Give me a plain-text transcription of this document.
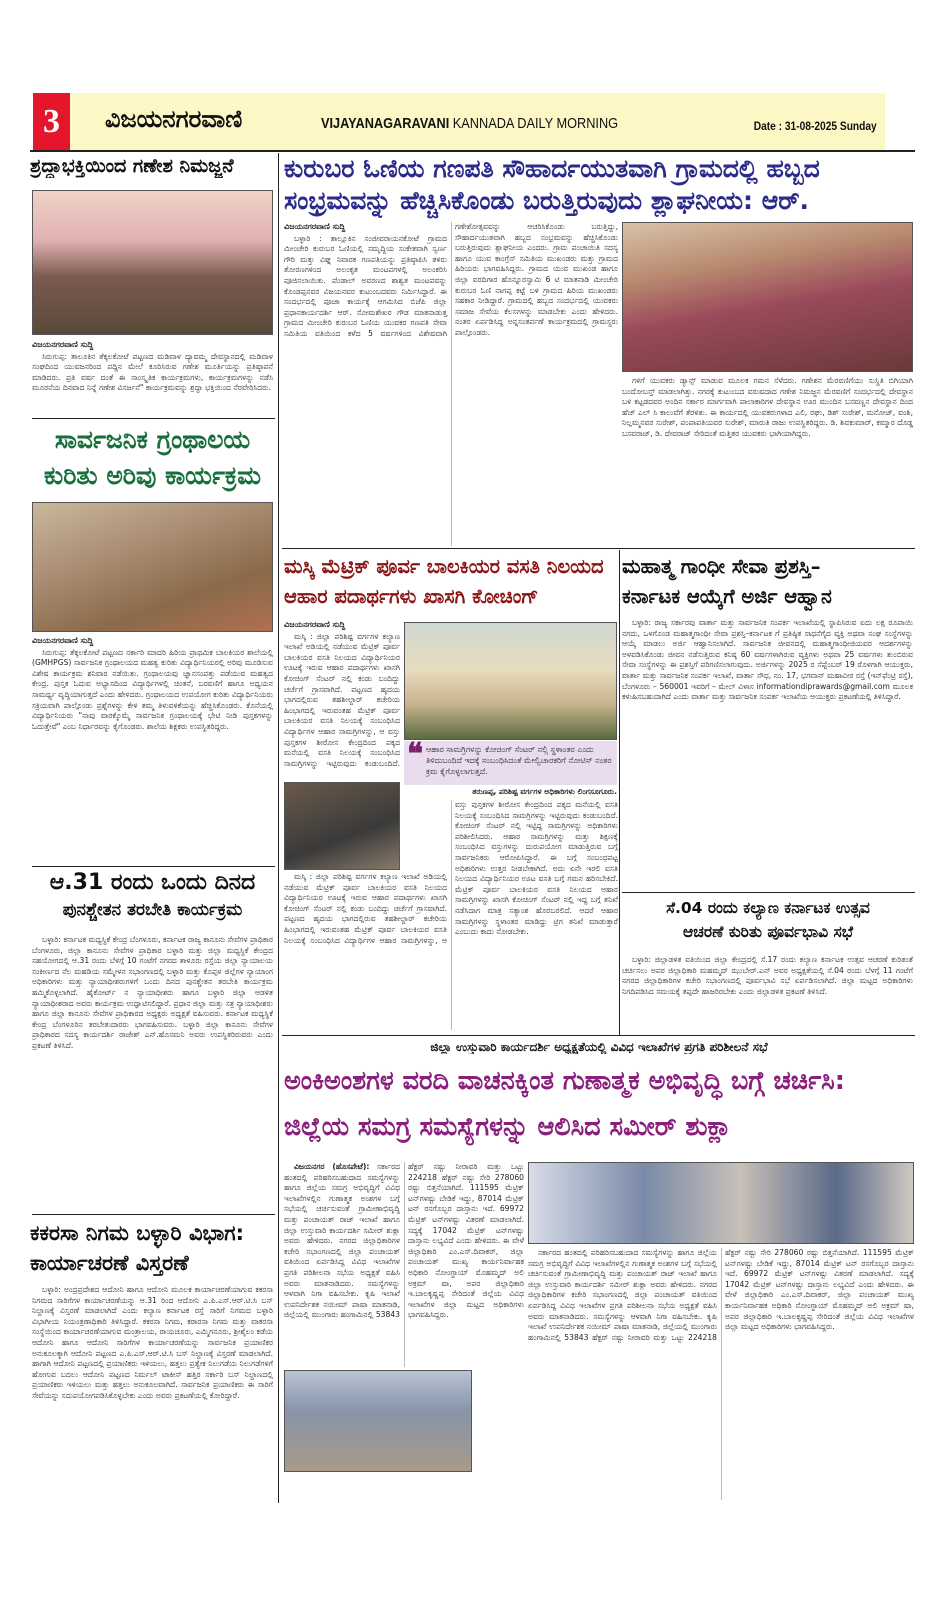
3	ವಿಜಯನಗರವಾಣಿ	VIJAYANAGARAVANI KANNADA DAILY MORNING	Date : 31-08-2025 Sunday
ಶ್ರದ್ಧಾಭಕ್ತಿಯಿಂದ ಗಣೇಶ ನಿಮಜ್ಜನೆ
ವಿಜಯನಗರವಾಣಿ ಸುದ್ದಿ

ಸಿರುಗುಪ್ಪ: ತಾಲೂಕಿನ ತೆಕ್ಕಲಕೋಟೆ ಪಟ್ಟಣದ ಮಡಿವಾಳ ದ್ಯಾವಮ್ಮ ದೇವಸ್ಥಾನದಲ್ಲಿ ಮಡಿವಾಳ ಸಂಘದಿಂದ ಯುವಜನರಿಂದ ಪದ್ದಿನ ಮೇಲೆ ಕೂರಿಸಿರುವ ಗಣೇಶ ಮೂರ್ತಿಯನ್ನು ಪ್ರತಿಷ್ಠಾಪನೆ ಮಾಡಿದರು. ಪ್ರತಿ ವರ್ಷ ದಂತೆ ಈ ಸಾಂಸ್ಕೃತಿಕ ಕಾರ್ಯಕ್ರಮಗಳು, ಕಾರ್ಯಕ್ರಮಗಳನ್ನು ನಡೆಸಿ ಮೂರನೆಯ ದಿನವಾದ ನಿನ್ನೆ ಗಣೇಶ ವಿಸರ್ಜನೆ" ಕಾರ್ಯಕ್ರಮವನ್ನು ಶ್ರದ್ಧಾ ಭಕ್ತಿಯಿಂದ ನೆರವೇರಿಸಿದರು.

ಸಾರ್ವಜನಿಕ ಗ್ರಂಥಾಲಯ
ಕುರಿತು ಅರಿವು ಕಾರ್ಯಕ್ರಮ
ವಿಜಯನಗರವಾಣಿ ಸುದ್ದಿ

ಸಿರುಗುಪ್ಪ: ತೆಕ್ಕಲಕೋಟೆ ಪಟ್ಟಣದ ಸರ್ಕಾರಿ ಮಾದರಿ ಹಿರಿಯ ಪ್ರಾಥಮಿಕ ಬಾಲಕಿಯರ ಶಾಲೆಯಲ್ಲಿ (GMHPGS) ಸಾರ್ವಜನಿಕ ಗ್ರಂಥಾಲಯದ ಮಹತ್ವ ಕುರಿತು ವಿದ್ಯಾರ್ಥಿನಿಯರಲ್ಲಿ ಅರಿವು ಮೂಡಿಸುವ ವಿಶೇಷ ಕಾರ್ಯಕ್ರಮ ಶನಿವಾರ ನಡೆಯಿತು. ಗ್ರಂಥಾಲಯವು ಜ್ಞಾನಸಂಪತ್ತು ಪಡೆಯುವ ಮಹತ್ವದ ಕೇಂದ್ರ. ಪುಸ್ತಕ ಓದುವ ಅಭ್ಯಾಸದಿಂದ ವಿದ್ಯಾರ್ಥಿಗಳಲ್ಲಿ ಚಿಂತನೆ, ಬರವಣಿಗೆ ಹಾಗೂ ಅಧ್ಯಯನ ಸಾಮರ್ಥ್ಯ ವೃದ್ಧಿಯಾಗುತ್ತದೆ ಎಂದು ಹೇಳಿದರು. ಗ್ರಂಥಾಲಯದ ಉಪಯೋಗ ಕುರಿತು ವಿದ್ಯಾರ್ಥಿನಿಯರು ಸಕ್ರಿಯವಾಗಿ ಪಾಲ್ಗೊಂಡು ಪ್ರಶ್ನೆಗಳನ್ನು ಕೇಳಿ ತಮ್ಮ ತಿಳುವಳಿಕೆಯನ್ನು ಹೆಚ್ಚಿಸಿಕೊಂಡರು. ಕೊನೆಯಲ್ಲಿ ವಿದ್ಯಾರ್ಥಿನಿಯರು "ನಾವು ವಾರಕ್ಕೊಮ್ಮೆ ಸಾರ್ವಜನಿಕ ಗ್ರಂಥಾಲಯಕ್ಕೆ ಭೇಟಿ ನೀಡಿ ಪುಸ್ತಕಗಳನ್ನು ಓದುತ್ತೇವೆ" ಎಂಬ ನಿರ್ಧಾರವನ್ನು ಕೈಗೊಂಡರು. ಶಾಲೆಯ ಶಿಕ್ಷಕರು ಉಪಸ್ಥಿತರಿದ್ದರು.

ಆ.31 ರಂದು ಒಂದು ದಿನದ
ಪುನಶ್ಚೇತನ ತರಬೇತಿ ಕಾರ್ಯಕ್ರಮ

ಬಳ್ಳಾರಿ: ಕರ್ನಾಟಕ ಮಧ್ಯಸ್ಥಿಕೆ ಕೇಂದ್ರ ಬೆಂಗಳೂರು, ಕರ್ನಾಟಕ ರಾಜ್ಯ ಕಾನೂನು ಸೇವೆಗಳ ಪ್ರಾಧಿಕಾರ ಬೆಂಗಳೂರು, ಜಿಲ್ಲಾ ಕಾನೂನು ಸೇವೆಗಳ ಪ್ರಾಧಿಕಾರ ಬಳ್ಳಾರಿ ಮತ್ತು ಜಿಲ್ಲಾ ಮಧ್ಯಸ್ಥಿಕೆ ಕೇಂದ್ರದ ಸಹಯೋಗದಲ್ಲಿ ಆ.31 ರಂದು ಬೆಳಿಗ್ಗೆ 10 ಗಂಟೆಗೆ ನಗರದ ತಾಳೂರು ರಸ್ತೆಯ ಜಿಲ್ಲಾ ನ್ಯಾಯಾಲಯ ಸಂಕೀರ್ಣದ ನೆಲ ಮಹಡಿಯ ಸಮ್ಮೇಳನ ಸಭಾಂಗಣದಲ್ಲಿ ಬಳ್ಳಾರಿ ಮತ್ತು ಕೊಪ್ಪಳ ಜಿಲ್ಲೆಗಳ ನ್ಯಾಯಾಂಗ ಅಧಿಕಾರಿಗಳು ಮತ್ತು ನ್ಯಾಯಾಧೀಶರುಗಳಿಗೆ ಒಂದು ದಿನದ ಪುನಶ್ಚೇತನ ತರಬೇತಿ ಕಾರ್ಯಕ್ರಮ ಹಮ್ಮಿಕೊಳ್ಳಲಾಗಿದೆ. ಹೈಕೋರ್ಟ್ ನ ನ್ಯಾಯಾಧೀಶರು ಹಾಗೂ ಬಳ್ಳಾರಿ ಜಿಲ್ಲಾ ಆಡಳಿತ ನ್ಯಾಯಾಧೀಶರಾದ ಅವರು ಕಾರ್ಯಕ್ರಮ ಉದ್ಘಾಟಿಸಲಿದ್ದಾರೆ. ಪ್ರಧಾನ ಜಿಲ್ಲಾ ಮತ್ತು ಸತ್ರ ನ್ಯಾಯಾಧೀಶರು ಹಾಗೂ ಜಿಲ್ಲಾ ಕಾನೂನು ಸೇವೆಗಳ ಪ್ರಾಧಿಕಾರದ ಅಧ್ಯಕ್ಷರು ಅಧ್ಯಕ್ಷತೆ ವಹಿಸುವರು. ಕರ್ನಾಟಕ ಮಧ್ಯಸ್ಥಿಕೆ ಕೇಂದ್ರ ಬೆಂಗಳೂರಿನ ತರಬೇತುದಾರರು ಭಾಗವಹಿಸುವರು. ಬಳ್ಳಾರಿ ಜಿಲ್ಲಾ ಕಾನೂನು ಸೇವೆಗಳ ಪ್ರಾಧಿಕಾರದ ಸದಸ್ಯ ಕಾರ್ಯದರ್ಶಿ ರಾಜೇಶ್ ಎನ್.ಹೊಸಮನಿ ಅವರು ಉಪಸ್ಥಿತರಿರುವರು ಎಂದು ಪ್ರಕಟಣೆ ತಿಳಿಸಿದೆ.

ಕಕರಸಾ ನಿಗಮ ಬಳ್ಳಾರಿ ವಿಭಾಗ:
ಕಾರ್ಯಾಚರಣೆ ವಿಸ್ತರಣೆ

ಬಳ್ಳಾರಿ: ಅಂದ್ರಪ್ರದೇಶದ ಆದೋನಿ ಹಾಗೂ ಆದೋನಿ ಮೂಲಕ ಕಾರ್ಯಾಚರಣೆಯಾಗುವ ಕಕರಸಾ ನಿಗಮದ ಸಾರಿಗೆಗಳ ಕಾರ್ಯಾಚರಣೆಯನ್ನು ಆ.31 ರಿಂದ ಆದೋನಿ ಎ.ಪಿ.ಎಸ್.ಆರ್.ಟಿ.ಸಿ ಬಸ್ ನಿಲ್ದಾಣಕ್ಕೆ ವಿಸ್ತರಣೆ ಮಾಡಲಾಗಿದೆ ಎಂದು ಕಲ್ಯಾಣ ಕರ್ನಾಟಕ ರಸ್ತೆ ಸಾರಿಗೆ ನಿಗಮದ ಬಳ್ಳಾರಿ ವಿಭಾಗೀಯ ನಿಯಂತ್ರಣಾಧಿಕಾರಿ ತಿಳಿಸಿದ್ದಾರೆ. ಕಕರಸಾ ನಿಗಮ, ಕರಾರಸಾ ನಿಗಮ ಮತ್ತು ವಾಕರಸಾ ಸಂಸ್ಥೆಯಿಂದ ಕಾರ್ಯಾಚರಣೆಯಾಗುವ ಮಂತ್ರಾಲಯ, ರಾಯಚೂರು, ಎಮ್ಮಿಗನೂರು, ಶ್ರೀಶೈಲಂ ಕಡೆಯ ಆದೋನಿ ಹಾಗೂ ಆದೋನಿ ಸಾರಿಗೆಗಳ ಕಾರ್ಯಾಚರಣೆಯನ್ನು ಸಾರ್ವಜನಿಕ ಪ್ರಯಾಣಿಕರ ಅನುಕೂಲಕ್ಕಾಗಿ ಆದೋನಿ ಪಟ್ಟಣದ ಎ.ಪಿ.ಎಸ್.ಆರ್.ಟಿ.ಸಿ ಬಸ್ ನಿಲ್ದಾಣಕ್ಕೆ ವಿಸ್ತರಣೆ ಮಾಡಲಾಗಿದೆ. ಹಾಗಾಗಿ ಆದೋನಿ ಪಟ್ಟಣದಲ್ಲಿ ಪ್ರಯಾಣಿಕರು ಇಳಿಯಲು, ಹತ್ತಲು ಪ್ರತ್ಯೇಕ ನಿಲುಗಡೆಯ ನಿಲುಗಡೆಗಳಿಗೆ ಹೋಗುವ ಬದಲು ಆದೋನಿ ಪಟ್ಟಣದ ನಿರ್ಮಲ್ ಟಾಕೀಸ್ ಹತ್ತಿರ ಸರ್ಕಾರಿ ಬಸ್ ನಿಲ್ದಾಣದಲ್ಲಿ ಪ್ರಯಾಣಿಕರು ಇಳಿಯಲು ಮತ್ತು ಹತ್ತಲು ಅನುಕೂಲವಾಗಿದೆ. ಸಾರ್ವಜನಿಕ ಪ್ರಯಾಣಿಕರು ಈ ಸಾರಿಗೆ ಸೇವೆಯನ್ನು ಸದುಪಯೋಗಪಡಿಸಿಕೊಳ್ಳಬೇಕು ಎಂದು ಅವರು ಪ್ರಕಟಣೆಯಲ್ಲಿ ಕೋರಿದ್ದಾರೆ.

ಕುರುಬರ ಓಣಿಯ ಗಣಪತಿ ಸೌಹಾರ್ದಯುತವಾಗಿ ಗ್ರಾಮದಲ್ಲಿ ಹಬ್ಬದ ಸಂಭ್ರಮವನ್ನು ಹೆಚ್ಚಿಸಿಕೊಂಡು ಬರುತ್ತಿರುವುದು ಶ್ಲಾಘನೀಯ: ಆರ್.
ವಿಜಯನಗರವಾಣಿ ಸುದ್ದಿ

ಬಳ್ಳಾರಿ : ತಾಲ್ಲೂಕಿನ ಸಂಜೀವರಾಯನಕೋಟೆ ಗ್ರಾಮದ ಮೀಂಚೇರಿ ಕುರುಬರ ಓಣಿಯಲ್ಲಿ ಸಮೃದ್ಧಿಯ ಸಂಕೇತವಾಗಿ ಸ್ವರ್ಣ ಗೌರಿ ಮತ್ತು ವಿಘ್ನ ನಿವಾರಕ ಗಣಪತಿಯನ್ನು ಪ್ರತಿಷ್ಠಾಪಿಸಿ ತಳಿರು ತೋರಣಗಳಿಂದ ಅಲಂಕೃತ ಮಂಟಪಗಳಲ್ಲಿ ಅಲಂಕರಿಸಿ ಪೂಜಿಸಲಾಯಿತು. ಪೆಂಡಾಲ್ ಅವರಣದ ಶಾಶ್ವತ ಮಂಟಪವನ್ನು ಕೊಂಡಪ್ಪನವರ ವಿಜಯನವರ ಕುಟುಂಬದವರು ನಿರ್ಮಿಸಿದ್ದಾರೆ. ಈ ಸಂದರ್ಭದಲ್ಲಿ ಪೂಜಾ ಕಾರ್ಯಕ್ಕೆ ಆಗಮಿಸಿದ ಬಿಜೆಪಿ ಜಿಲ್ಲಾ ಪ್ರಧಾನಕಾರ್ಯದರ್ಶಿ ಆರ್. ಸೋಮಶೇಖರ ಗೌಡ ಮಾತನಾಡುತ್ತ ಗ್ರಾಮದ ಮೀಂಚೇರಿ ಕುರುಬರ ಓಣಿಯ ಯುವಕರ ಗಣಪತಿ ಸೇವಾ ಸಮಿತಿಯ ವತಿಯಿಂದ ಕಳೆದ 5 ವರ್ಷಗಳಿಂದ ವಿಶೇಷವಾಗಿ ಗಣೇಶೋತ್ಸವವನ್ನು ಆಚರಿಸಿಕೊಂಡು ಬರುತ್ತಿದ್ದು, ಸೌಹಾರ್ದಯುತವಾಗಿ ಹಬ್ಬದ ಸಂಭ್ರಮವನ್ನು ಹೆಚ್ಚಿಸಿಕೊಂಡು ಬರುತ್ತಿರುವುದು ಶ್ಲಾಘನೀಯ ಎಂದರು. ಗ್ರಾಮ ಪಂಚಾಯಿತಿ ಸದಸ್ಯ ಹಾಗೂ ಯುವ ಕಾಂಗ್ರೆಸ್ ಸಮಿತಿಯ ಮುಖಂಡರು ಮತ್ತು ಗ್ರಾಮದ ಹಿರಿಯರು ಭಾಗವಹಿಸಿದ್ದರು. ಗ್ರಾಮದ ಯುವ ಮುಖಂಡ ಹಾಗೂ ಜಿಲ್ಲಾ ವರದಿಗಾರ ಹೊನ್ನೂರಸ್ವಾಮಿ 6 ಟಿ ಮಾತನಾಡಿ ಮೀಂಚೇರಿ ಕುರುಬರ ಓಣಿ ನಾಗಪ್ಪ ಕಟ್ಟೆ ಬಳಿ ಗ್ರಾಮದ ಹಿರಿಯ ಮುಖಂಡರು ಸಹಕಾರ ನೀಡಿದ್ದಾರೆ. ಗ್ರಾಮದಲ್ಲಿ ಹಬ್ಬದ ಸಂದರ್ಭದಲ್ಲಿ ಯುವಕರು ಸಮಾಜ ಸೇವೆಯ ಕೆಲಸಗಳನ್ನು ಮಾಡಬೇಕು ಎಂದು ಹೇಳಿದರು. ನಂತರ ಏರ್ಪಡಿಸಿದ್ದ ಅನ್ನಸಂತರ್ಪಣೆ ಕಾರ್ಯಕ್ರಮದಲ್ಲಿ ಗ್ರಾಮಸ್ಥರು ಪಾಲ್ಗೊಂಡರು.

ಗಳಿಗೆ ಯುವಕರು ಡ್ಯಾನ್ಸ್ ಮಾಡುವ ಮೂಲಕ ಗಮನ ಸೆಳೆದರು. ಗಣೇಶನ ಮೆರವಣಿಗೆಯು ಸುಸ್ಥಿತಿ ಬಿಗಿಯಾಗಿ ಬಂದೋಬಸ್ತ್ ಮಾಡಲಾಗಿತ್ತು. ನಗರಕ್ಕೆ ಕುಟುಂಬದ ವರುಷದಾದ ಗಣೇಶ ನಿಮಜ್ಜನ ಮೆರವಣಿಗೆ ಸಂದರ್ಭದಲ್ಲಿ ದೇವಸ್ಥಾನ ಬಳಿ ಕಟ್ಟಡದವರ ಅಂದಿನ ಸರ್ಕಾರ ಮಾರ್ಗವಾಗಿ ಪಾಲಾಕಾರಿಗಳ ದೇವಸ್ಥಾನ ಊರ ಮುಂದಿನ ಬಸವಣ್ಣನ ದೇವಸ್ಥಾನ ದಿಂದ ಹೆಚ್ ಎಲ್ ಸಿ ಕಾಲುವೆಗೆ ತೆರಳಿತು. ಈ ಕಾರ್ಯದಲ್ಲಿ ಯುವಕರುಗಳಾದ ಎಲಿ, ರಘು, ಡಿಶ್ ಸುರೇಶ್, ಮನೋಜ್, ವಂಶಿ, ನಿಲ್ಲಮ್ಮನವರ ಸುರೇಶ್, ಪಂಪಾಪತಿಯವರ ಸುರೇಶ್, ಮಾರುತಿ ರಾಜು ಉಪಸ್ಥಿತರಿದ್ದರು. ಡಿ. ಶಿವಕುಮಾರ್, ಕಮ್ಮಾರ ದೊಡ್ಡ ಬಸವರಾಜ್, ಡಿ. ದೇವರಾಜ್ ಸೇರಿದಂತೆ ಮತ್ತಿತರ ಯುವಕರು ಭಾಗಿಯಾಗಿದ್ದರು.

ಮಸ್ಕಿ ಮೆಟ್ರಿಕ್ ಪೂರ್ವ ಬಾಲಕಿಯರ ವಸತಿ ನಿಲಯದ ಆಹಾರ ಪದಾರ್ಥಗಳು ಖಾಸಗಿ ಕೋಚಿಂಗ್
ವಿಜಯನಗರವಾಣಿ ಸುದ್ದಿ

ಮಸ್ಕಿ : ಜಿಲ್ಲಾ ಪರಿಶಿಷ್ಟ ವರ್ಗಗಳ ಕಲ್ಯಾಣ ಇಲಾಖೆ ಅಡಿಯಲ್ಲಿ ನಡೆಯುವ ಮೆಟ್ರಿಕ್ ಪೂರ್ವ ಬಾಲಕಿಯರ ವಸತಿ ನಿಲಯದ ವಿದ್ಯಾರ್ಥಿನಿಯರ ಊಟಕ್ಕೆ ಇರುವ ಆಹಾರ ಪದಾರ್ಥಗಳು ಖಾಸಗಿ ಕೋಚಿಂಗ್ ಸೆಂಟರ್ ನಲ್ಲಿ ಕಂಡು ಬಂದಿದ್ದು ಚರ್ಚೆಗೆ ಗ್ರಾಸವಾಗಿದೆ. ಪಟ್ಟಣದ ಹೃದಯ ಭಾಗದಲ್ಲಿರುವ ತಹಶೀಲ್ದಾರ್ ಕಚೇರಿಯ ಹಿಂಭಾಗದಲ್ಲಿ ಇರುವಂತಹ ಮೆಟ್ರಿಕ್ ಪೂರ್ವ ಬಾಲಕಿಯರ ವಸತಿ ನಿಲಯಕ್ಕೆ ಸಂಬಂಧಿಸಿದ ವಿದ್ಯಾರ್ಥಿಗಳ ಆಹಾರ ಸಾಮಗ್ರಿಗಳನ್ನು, ಆ ವಸ್ತು ಪುಸ್ತಕಗಳ ಶೀರೋಸ ಕೇಂದ್ರದಿಂದ ಪಕ್ಕದ ಮನೆಯಲ್ಲಿ ವಸತಿ ನಿಲಯಕ್ಕೆ ಸಂಬಂಧಿಸಿದ ಸಾಮಗ್ರಿಗಳನ್ನು ಇಟ್ಟಿರುವುದು ಕಂಡುಬಂದಿದೆ. ❝ ಆಹಾರ ಸಾಮಗ್ರಿಗಳನ್ನು ಕೋಚಿಂಗ್ ಸೆಂಟರ್ ನಲ್ಲಿ ಸ್ಥಳಾಂತರ ಎಂದು ತಿಳಿದುಬಂದಿದೆ ಇದಕ್ಕೆ ಸಂಬಂಧಿಸಿದಂತೆ ಮೇಲ್ವಿಚಾರಕರಿಗೆ ನೋಟಿಸ್ ನಂತರ ಕ್ರಮ ಕೈಗೊಳ್ಳಲಾಗುತ್ತದೆ.
ತರುಣಪ್ಪ, ಪರಿಶಿಷ್ಟ ವರ್ಗಗಳ ಅಧಿಕಾರಿಗಳು ಲಿಂಗಸೂಗೂರು.

ಮಸ್ಕಿ : ಜಿಲ್ಲಾ ಪರಿಶಿಷ್ಟ ವರ್ಗಗಳ ಕಲ್ಯಾಣ ಇಲಾಖೆ ಅಡಿಯಲ್ಲಿ ನಡೆಯುವ ಮೆಟ್ರಿಕ್ ಪೂರ್ವ ಬಾಲಕಿಯರ ವಸತಿ ನಿಲಯದ ವಿದ್ಯಾರ್ಥಿನಿಯರ ಊಟಕ್ಕೆ ಇರುವ ಆಹಾರ ಪದಾರ್ಥಗಳು ಖಾಸಗಿ ಕೋಚಿಂಗ್ ಸೆಂಟರ್ ನಲ್ಲಿ ಕಂಡು ಬಂದಿದ್ದು ಚರ್ಚೆಗೆ ಗ್ರಾಸವಾಗಿದೆ. ಪಟ್ಟಣದ ಹೃದಯ ಭಾಗದಲ್ಲಿರುವ ತಹಶೀಲ್ದಾರ್ ಕಚೇರಿಯ ಹಿಂಭಾಗದಲ್ಲಿ ಇರುವಂತಹ ಮೆಟ್ರಿಕ್ ಪೂರ್ವ ಬಾಲಕಿಯರ ವಸತಿ ನಿಲಯಕ್ಕೆ ಸಂಬಂಧಿಸಿದ ವಿದ್ಯಾರ್ಥಿಗಳ ಆಹಾರ ಸಾಮಗ್ರಿಗಳನ್ನು, ಆ ವಸ್ತು ಪುಸ್ತಕಗಳ ಶೀರೋಸ ಕೇಂದ್ರದಿಂದ ಪಕ್ಕದ ಮನೆಯಲ್ಲಿ ವಸತಿ ನಿಲಯಕ್ಕೆ ಸಂಬಂಧಿಸಿದ ಸಾಮಗ್ರಿಗಳನ್ನು ಇಟ್ಟಿರುವುದು ಕಂಡುಬಂದಿದೆ. ಕೋಚಿಂಗ್ ಸೆಂಟರ್ ನಲ್ಲಿ ಇಟ್ಟಿದ್ದ ಸಾಮಗ್ರಿಗಳನ್ನು ಅಧಿಕಾರಿಗಳು ಪರಿಶೀಲಿಸಿದರು. ಆಹಾರ ಸಾಮಗ್ರಿಗಳನ್ನು ಮತ್ತು ಶಿಕ್ಷಣಕ್ಕೆ ಸಂಬಂಧಿಸಿದ ವಸ್ತುಗಳನ್ನು ದುರುಪಯೋಗ ಮಾಡುತ್ತಿರುವ ಬಗ್ಗೆ ಸಾರ್ವಜನಿಕರು ಆರೋಪಿಸಿದ್ದಾರೆ. ಈ ಬಗ್ಗೆ ಸಂಬಂಧಪಟ್ಟ ಅಧಿಕಾರಿಗಳು ಉತ್ತರ ನೀಡಬೇಕಾಗಿದೆ. ಅದು ಏನೇ ಇರಲಿ ವಸತಿ ನಿಲಯದ ವಿದ್ಯಾರ್ಥಿನಿಯರ ಊಟ ವಸತಿ ಬಗ್ಗೆ ಗಮನ ಹರಿಸಬೇಕಿದೆ. ಮೆಟ್ರಿಕ್ ಪೂರ್ವ ಬಾಲಕಿಯರ ವಸತಿ ನಿಲಯದ ಆಹಾರ ಸಾಮಗ್ರಿಗಳನ್ನು ಖಾಸಗಿ ಕೋಚಿಂಗ್ ಸೆಂಟರ್ ನಲ್ಲಿ ಇದ್ದ ಬಗ್ಗೆ ತನಿಖೆ ನಡೆಸಿದಾಗ ಮಾತ್ರ ಸತ್ಯಾಂಶ ಹೊರಬರಲಿದೆ. ಆದರೆ ಆಹಾರ ಸಾಮಗ್ರಿಗಳನ್ನು ಸ್ಥಳಾಂತರ ಮಾಡಿದ್ದು ಟ್ರಿಗ ತನಿಖೆ ಮಾಡುತ್ತಾರೆ ಎಂಬುದು ಕಾದು ನೋಡಬೇಕು.

ಮಹಾತ್ಮ ಗಾಂಧೀ ಸೇವಾ ಪ್ರಶಸ್ತಿ–
ಕರ್ನಾಟಕ ಆಯ್ಕೆಗೆ ಅರ್ಜಿ ಆಹ್ವಾನ

ಬಳ್ಳಾರಿ: ರಾಜ್ಯ ಸರ್ಕಾರವು ವಾರ್ತಾ ಮತ್ತು ಸಾರ್ವಜನಿಕ ಸಂಪರ್ಕ ಇಲಾಖೆಯಲ್ಲಿ ಸ್ಥಾಪಿಸಿರುವ ಐದು ಲಕ್ಷ ರೂಪಾಯಿ ನಗದು, ಒಳಗೊಂಡ ಮಹಾತ್ಮಗಾಂಧೀ ಸೇವಾ ಪ್ರಶಸ್ತಿ–ಕರ್ನಾಟಕ ಗೆ ಪ್ರತಿಷ್ಠಿತ ಸಾಧನೆಗೈದ ವ್ಯಕ್ತಿ ಅಥವಾ ಸಂಘ ಸಂಸ್ಥೆಗಳನ್ನು ಆಯ್ಕೆ ಮಾಡಲು ಅರ್ಜಿ ಆಹ್ವಾನಿಸಲಾಗಿದೆ. ಸಾರ್ವಜನಿಕ ಜೀವನದಲ್ಲಿ ಮಹಾತ್ಮಗಾಂಧೀಜಿಯವರ ಆದರ್ಶಗಳನ್ನು ಅಳವಡಿಸಿಕೊಂಡು ಜೀವನ ನಡೆಸುತ್ತಿರುವ ಕನಿಷ್ಠ 60 ವರ್ಷಗಳಾಗಿರುವ ವ್ಯಕ್ತಿಗಳು ಅಥವಾ 25 ವರ್ಷಗಳು ತುಂಬಿರುವ ಸೇವಾ ಸಂಸ್ಥೆಗಳನ್ನು ಈ ಪ್ರಶಸ್ತಿಗೆ ಪರಿಗಣಿಸಲಾಗುವುದು. ಅರ್ಜಿಗಳನ್ನು 2025 ರ ಸೆಪ್ಟೆಂಬರ್ 19 ರೊಳಗಾಗಿ ಆಯುಕ್ತರು, ವಾರ್ತಾ ಮತ್ತು ಸಾರ್ವಜನಿಕ ಸಂಪರ್ಕ ಇಲಾಖೆ, ವಾರ್ತಾ ಸೌಧ, ನಂ. 17, ಭಗವಾನ್ ಮಹಾವೀರ ರಸ್ತೆ (ಇನ್‌ಫೆಂಟ್ರಿ ರಸ್ತೆ), ಬೆಂಗಳೂರು – 560001 ಇವರಿಗೆ – ಮೇಲ್ ವಿಳಾಸ informationdiprawards@gmail.com ಮೂಲಕ ಕಳುಹಿಸಬಹುದಾಗಿದೆ ಎಂದು ವಾರ್ತಾ ಮತ್ತು ಸಾರ್ವಜನಿಕ ಸಂಪರ್ಕ ಇಲಾಖೆಯ ಆಯುಕ್ತರು ಪ್ರಕಟಣೆಯಲ್ಲಿ ತಿಳಿಸಿದ್ದಾರೆ.

ಸೆ.04 ರಂದು ಕಲ್ಯಾಣ ಕರ್ನಾಟಕ ಉತ್ಸವ
ಆಚರಣೆ ಕುರಿತು ಪೂರ್ವಭಾವಿ ಸಭೆ

ಬಳ್ಳಾರಿ: ಜಿಲ್ಲಾಡಳಿತ ವತಿಯಿಂದ ಜಿಲ್ಲಾ ಕೇಂದ್ರದಲ್ಲಿ ಸೆ.17 ರಂದು ಕಲ್ಯಾಣ ಕರ್ನಾಟಕ ಉತ್ಸವ ಆಚರಣೆ ಕುರಿತಂತೆ ಚರ್ಚಿಸಲು ಅಪರ ಜಿಲ್ಲಾಧಿಕಾರಿ ಮಹಮ್ಮದ್ ಝುಬೇರ್.ಎನ್ ಅವರ ಅಧ್ಯಕ್ಷತೆಯಲ್ಲಿ ಸೆ.04 ರಂದು ಬೆಳಗ್ಗೆ 11 ಗಂಟೆಗೆ ನಗರದ ಜಿಲ್ಲಾಧಿಕಾರಿಗಳ ಕಚೇರಿ ಸಭಾಂಗಣದಲ್ಲಿ ಪೂರ್ವಭಾವಿ ಸಭೆ ಏರ್ಪಡಿಸಲಾಗಿದೆ. ಜಿಲ್ಲಾ ಮಟ್ಟದ ಅಧಿಕಾರಿಗಳು ನಿಗದಿಪಡಿಸಿದ ಸಮಯಕ್ಕೆ ತಪ್ಪದೇ ಹಾಜರಿರಬೇಕು ಎಂದು ಜಿಲ್ಲಾಡಳಿತ ಪ್ರಕಟಣೆ ತಿಳಿಸಿದೆ.

ಜಿಲ್ಲಾ ಉಸ್ತುವಾರಿ ಕಾರ್ಯದರ್ಶಿ ಅಧ್ಯಕ್ಷತೆಯಲ್ಲಿ ವಿವಿಧ ಇಲಾಖೆಗಳ ಪ್ರಗತಿ ಪರಿಶೀಲನೆ ಸಭೆ
ಅಂಕಿಅಂಶಗಳ ವರದಿ ವಾಚನಕ್ಕಿಂತ ಗುಣಾತ್ಮಕ ಅಭಿವೃದ್ಧಿ ಬಗ್ಗೆ ಚರ್ಚಿಸಿ:
ಜಿಲ್ಲೆಯ ಸಮಗ್ರ ಸಮಸ್ಯೆಗಳನ್ನು ಆಲಿಸಿದ ಸಮೀರ್ ಶುಕ್ಲಾ

ವಿಜಯನಗರ (ಹೊಸಪೇಟೆ): ಸರ್ಕಾರದ ಹಂತದಲ್ಲಿ ಪರಿಹರಿಸಬಹುದಾದ ಸಮಸ್ಯೆಗಳನ್ನು ಹಾಗೂ ಜಿಲ್ಲೆಯ ಸಮಗ್ರ ಅಭಿವೃದ್ಧಿಗೆ ವಿವಿಧ ಇಲಾಖೆಗಳಲ್ಲಿನ ಗುಣಾತ್ಮಕ ಅಂಶಗಳ ಬಗ್ಗೆ ಸಭೆಯಲ್ಲಿ ಚರ್ಚಿಸುವಂತೆ ಗ್ರಾಮೀಣಾಭಿವೃದ್ಧಿ ಮತ್ತು ಪಂಚಾಯತ್ ರಾಜ್ ಇಲಾಖೆ ಹಾಗೂ ಜಿಲ್ಲಾ ಉಸ್ತುವಾರಿ ಕಾರ್ಯದರ್ಶಿ ಸಮೀರ್ ಶುಕ್ಲಾ ಅವರು ಹೇಳಿದರು. ನಗರದ ಜಿಲ್ಲಾಧಿಕಾರಿಗಳ ಕಚೇರಿ ಸಭಾಂಗಣದಲ್ಲಿ ಜಿಲ್ಲಾ ಪಂಚಾಯತ್ ವತಿಯಿಂದ ಏರ್ಪಡಿಸಿದ್ದ ವಿವಿಧ ಇಲಾಖೆಗಳ ಪ್ರಗತಿ ಪರಿಶೀಲನಾ ಸಭೆಯ ಅಧ್ಯಕ್ಷತೆ ವಹಿಸಿ ಅವರು ಮಾತನಾಡಿದರು. ಸಮಸ್ಯೆಗಳನ್ನು ಆಳವಾಗಿ ನಿಗಾ ವಹಿಸಬೇಕು. ಕೃಷಿ ಇಲಾಖೆ ಉಪನಿರ್ದೇಶಕ ನಯೀಮ್ ಪಾಷಾ ಮಾತನಾಡಿ, ಜಿಲ್ಲೆಯಲ್ಲಿ ಮುಂಗಾರು ಹಂಗಾಮಿನಲ್ಲಿ 53843 ಹೆಕ್ಟರ್ ನಷ್ಟು ನೀರಾವರಿ ಮತ್ತು ಒಟ್ಟು 224218 ಹೆಕ್ಟರ್ ನಷ್ಟು ಸೇರಿ 278060 ರಷ್ಟು ಬಿತ್ತನೆಯಾಗಿದೆ. 111595 ಮೆಟ್ರಿಕ್ ಟನ್‌ಗಳಷ್ಟು ಬೇಡಿಕೆ ಇದ್ದು, 87014 ಮೆಟ್ರಿಕ್ ಟನ್ ರಸಗೊಬ್ಬರ ದಾಸ್ತಾನು ಇದೆ. 69972 ಮೆಟ್ರಿಕ್ ಟನ್‌ಗಳಷ್ಟು ವಿತರಣೆ ಮಾಡಲಾಗಿದೆ. ಸದ್ಯಕ್ಕೆ 17042 ಮೆಟ್ರಿಕ್ ಟನ್‌ಗಳಷ್ಟು ದಾಸ್ತಾನು ಲಭ್ಯವಿದೆ ಎಂದು ಹೇಳಿದರು. ಈ ವೇಳೆ ಜಿಲ್ಲಾಧಿಕಾರಿ ಎಂ.ಎಸ್.ದಿವಾಕರ್, ಜಿಲ್ಲಾ ಪಂಚಾಯತ್ ಮುಖ್ಯ ಕಾರ್ಯನಿರ್ವಾಹಕ ಅಧಿಕಾರಿ ನೋಂಗ್ಜಾಯ್ ಮೊಹಮ್ಮದ್ ಅಲಿ ಅಕ್ರಮ್ ಷಾ, ಅಪರ ಜಿಲ್ಲಾಧಿಕಾರಿ ಇ.ಬಾಲಕೃಷ್ಣಪ್ಪ ಸೇರಿದಂತೆ ಜಿಲ್ಲೆಯ ವಿವಿಧ ಇಲಾಖೆಗಳ ಜಿಲ್ಲಾ ಮಟ್ಟದ ಅಧಿಕಾರಿಗಳು ಭಾಗವಹಿಸಿದ್ದರು.

ಸರ್ಕಾರದ ಹಂತದಲ್ಲಿ ಪರಿಹರಿಸಬಹುದಾದ ಸಮಸ್ಯೆಗಳನ್ನು ಹಾಗೂ ಜಿಲ್ಲೆಯ ಸಮಗ್ರ ಅಭಿವೃದ್ಧಿಗೆ ವಿವಿಧ ಇಲಾಖೆಗಳಲ್ಲಿನ ಗುಣಾತ್ಮಕ ಅಂಶಗಳ ಬಗ್ಗೆ ಸಭೆಯಲ್ಲಿ ಚರ್ಚಿಸುವಂತೆ ಗ್ರಾಮೀಣಾಭಿವೃದ್ಧಿ ಮತ್ತು ಪಂಚಾಯತ್ ರಾಜ್ ಇಲಾಖೆ ಹಾಗೂ ಜಿಲ್ಲಾ ಉಸ್ತುವಾರಿ ಕಾರ್ಯದರ್ಶಿ ಸಮೀರ್ ಶುಕ್ಲಾ ಅವರು ಹೇಳಿದರು. ನಗರದ ಜಿಲ್ಲಾಧಿಕಾರಿಗಳ ಕಚೇರಿ ಸಭಾಂಗಣದಲ್ಲಿ ಜಿಲ್ಲಾ ಪಂಚಾಯತ್ ವತಿಯಿಂದ ಏರ್ಪಡಿಸಿದ್ದ ವಿವಿಧ ಇಲಾಖೆಗಳ ಪ್ರಗತಿ ಪರಿಶೀಲನಾ ಸಭೆಯ ಅಧ್ಯಕ್ಷತೆ ವಹಿಸಿ ಅವರು ಮಾತನಾಡಿದರು. ಸಮಸ್ಯೆಗಳನ್ನು ಆಳವಾಗಿ ನಿಗಾ ವಹಿಸಬೇಕು. ಕೃಷಿ ಇಲಾಖೆ ಉಪನಿರ್ದೇಶಕ ನಯೀಮ್ ಪಾಷಾ ಮಾತನಾಡಿ, ಜಿಲ್ಲೆಯಲ್ಲಿ ಮುಂಗಾರು ಹಂಗಾಮಿನಲ್ಲಿ 53843 ಹೆಕ್ಟರ್ ನಷ್ಟು ನೀರಾವರಿ ಮತ್ತು ಒಟ್ಟು 224218 ಹೆಕ್ಟರ್ ನಷ್ಟು ಸೇರಿ 278060 ರಷ್ಟು ಬಿತ್ತನೆಯಾಗಿದೆ. 111595 ಮೆಟ್ರಿಕ್ ಟನ್‌ಗಳಷ್ಟು ಬೇಡಿಕೆ ಇದ್ದು, 87014 ಮೆಟ್ರಿಕ್ ಟನ್ ರಸಗೊಬ್ಬರ ದಾಸ್ತಾನು ಇದೆ. 69972 ಮೆಟ್ರಿಕ್ ಟನ್‌ಗಳಷ್ಟು ವಿತರಣೆ ಮಾಡಲಾಗಿದೆ. ಸದ್ಯಕ್ಕೆ 17042 ಮೆಟ್ರಿಕ್ ಟನ್‌ಗಳಷ್ಟು ದಾಸ್ತಾನು ಲಭ್ಯವಿದೆ ಎಂದು ಹೇಳಿದರು. ಈ ವೇಳೆ ಜಿಲ್ಲಾಧಿಕಾರಿ ಎಂ.ಎಸ್.ದಿವಾಕರ್, ಜಿಲ್ಲಾ ಪಂಚಾಯತ್ ಮುಖ್ಯ ಕಾರ್ಯನಿರ್ವಾಹಕ ಅಧಿಕಾರಿ ನೋಂಗ್ಜಾಯ್ ಮೊಹಮ್ಮದ್ ಅಲಿ ಅಕ್ರಮ್ ಷಾ, ಅಪರ ಜಿಲ್ಲಾಧಿಕಾರಿ ಇ.ಬಾಲಕೃಷ್ಣಪ್ಪ ಸೇರಿದಂತೆ ಜಿಲ್ಲೆಯ ವಿವಿಧ ಇಲಾಖೆಗಳ ಜಿಲ್ಲಾ ಮಟ್ಟದ ಅಧಿಕಾರಿಗಳು ಭಾಗವಹಿಸಿದ್ದರು.
